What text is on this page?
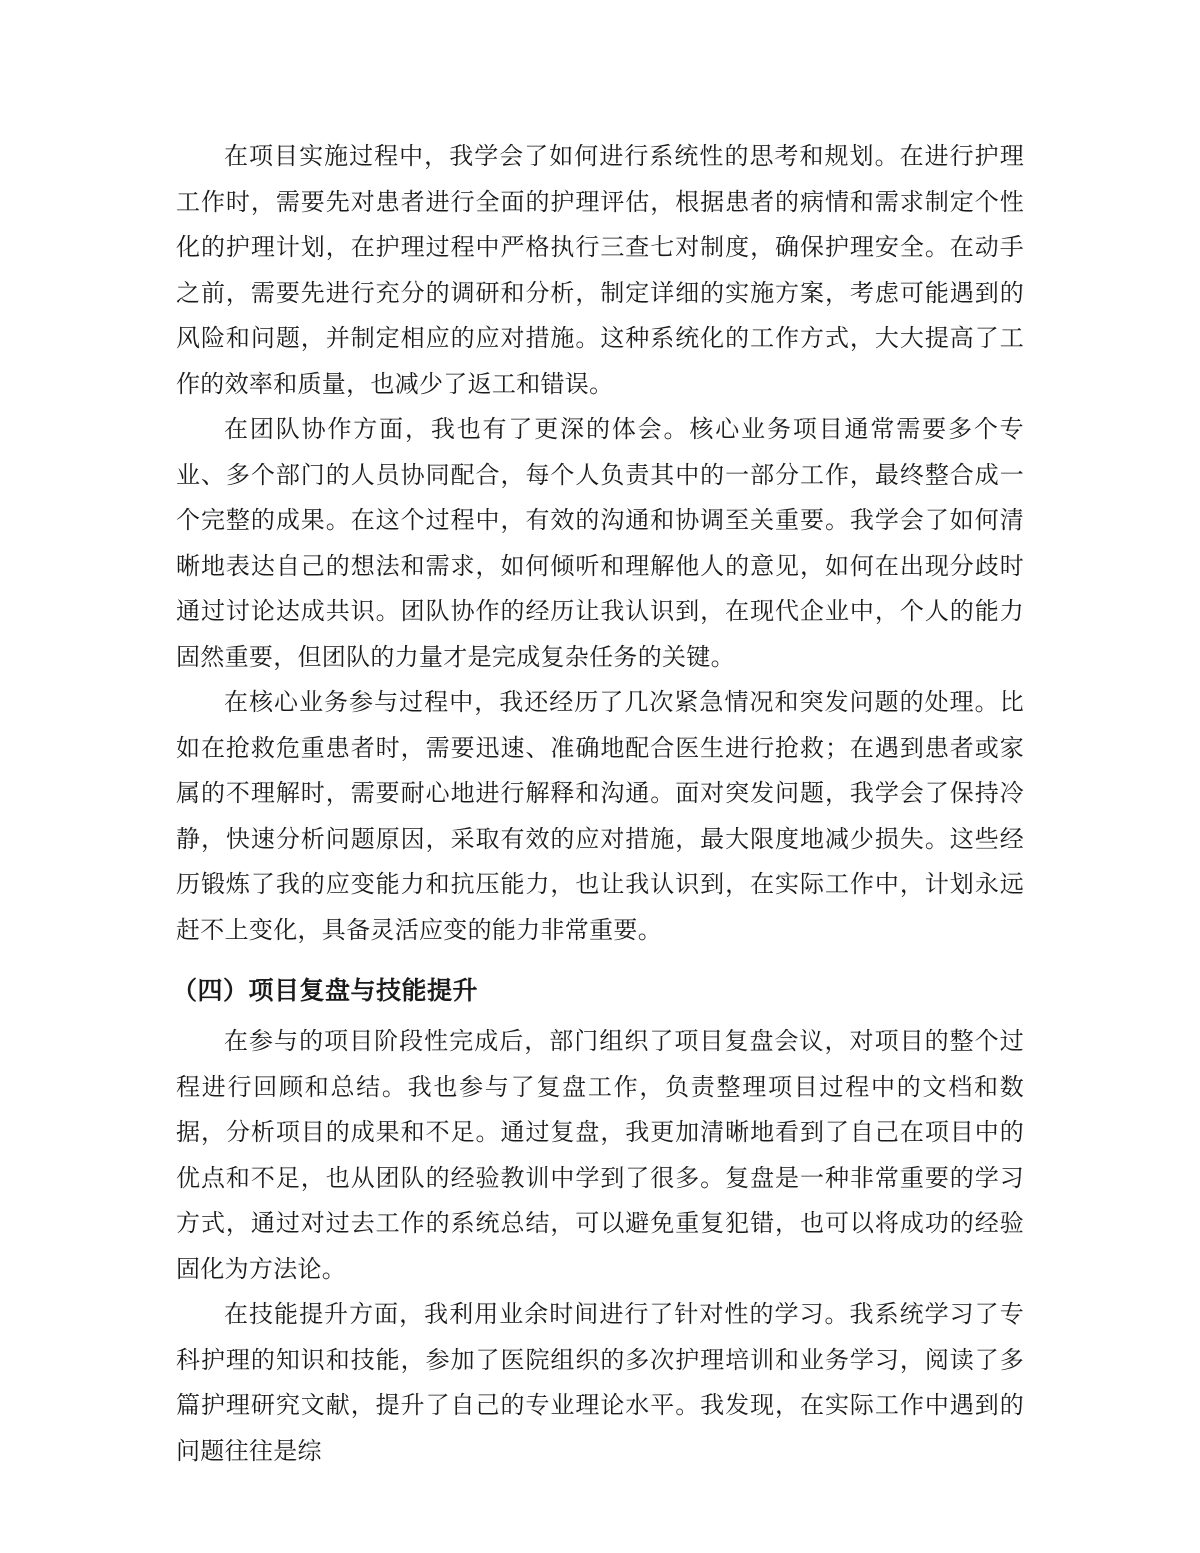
在项目实施过程中，我学会了如何进行系统性的思考和规划。在进行护理工作时，需要先对患者进行全面的护理评估，根据患者的病情和需求制定个性化的护理计划，在护理过程中严格执行三查七对制度，确保护理安全。在动手之前，需要先进行充分的调研和分析，制定详细的实施方案，考虑可能遇到的风险和问题，并制定相应的应对措施。这种系统化的工作方式，大大提高了工作的效率和质量，也减少了返工和错误。

在团队协作方面，我也有了更深的体会。核心业务项目通常需要多个专业、多个部门的人员协同配合，每个人负责其中的一部分工作，最终整合成一个完整的成果。在这个过程中，有效的沟通和协调至关重要。我学会了如何清晰地表达自己的想法和需求，如何倾听和理解他人的意见，如何在出现分歧时通过讨论达成共识。团队协作的经历让我认识到，在现代企业中，个人的能力固然重要，但团队的力量才是完成复杂任务的关键。

在核心业务参与过程中，我还经历了几次紧急情况和突发问题的处理。比如在抢救危重患者时，需要迅速、准确地配合医生进行抢救；在遇到患者或家属的不理解时，需要耐心地进行解释和沟通。面对突发问题，我学会了保持冷静，快速分析问题原因，采取有效的应对措施，最大限度地减少损失。这些经历锻炼了我的应变能力和抗压能力，也让我认识到，在实际工作中，计划永远赶不上变化，具备灵活应变的能力非常重要。

（四）项目复盘与技能提升

在参与的项目阶段性完成后，部门组织了项目复盘会议，对项目的整个过程进行回顾和总结。我也参与了复盘工作，负责整理项目过程中的文档和数据，分析项目的成果和不足。通过复盘，我更加清晰地看到了自己在项目中的优点和不足，也从团队的经验教训中学到了很多。复盘是一种非常重要的学习方式，通过对过去工作的系统总结，可以避免重复犯错，也可以将成功的经验固化为方法论。

在技能提升方面，我利用业余时间进行了针对性的学习。我系统学习了专科护理的知识和技能，参加了医院组织的多次护理培训和业务学习，阅读了多篇护理研究文献，提升了自己的专业理论水平。我发现，在实际工作中遇到的问题往往是综
